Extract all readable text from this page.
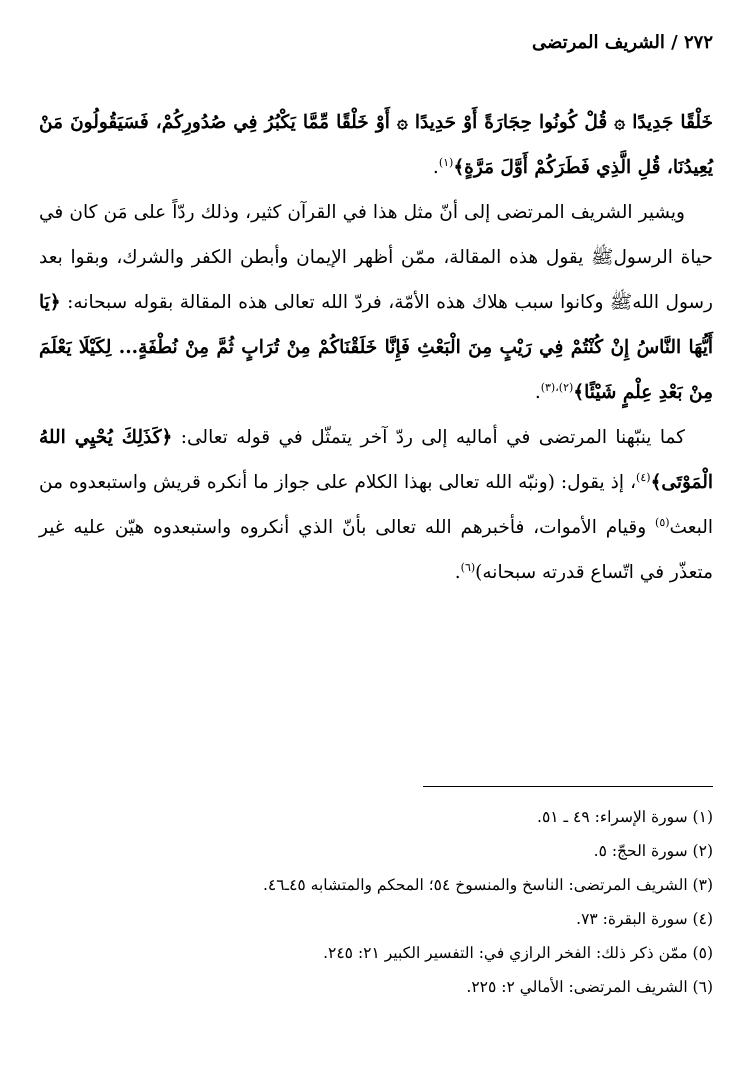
٢٧٢ / الشريف المرتضى

خَلْقًا جَدِيدًا ۞ قُلْ كُونُوا حِجَارَةً أَوْ حَدِيدًا ۞ أَوْ خَلْقًا مِّمَّا يَكْبُرُ فِي صُدُورِكُمْ، فَسَيَقُولُونَ مَنْ يُعِيدُنَا، قُلِ الَّذِي فَطَرَكُمْ أَوَّلَ مَرَّةٍ﴾$^{(١)}$.

ويشير الشريف المرتضى إلى أنّ مثل هذا في القرآن كثير، وذلك ردّاً على مَن كان في حياة الرسولﷺ يقول هذه المقالة، ممّن أظهر الإيمان وأبطن الكفر والشرك، وبقوا بعد رسول اللهﷺ وكانوا سبب هلاك هذه الأمّة، فردّ الله تعالى هذه المقالة بقوله سبحانه: ﴿يَا أَيُّهَا النَّاسُ إِنْ كُنْتُمْ فِي رَيْبٍ مِنَ الْبَعْثِ فَإِنَّا خَلَقْنَاكُمْ مِنْ تُرَابٍ ثُمَّ مِنْ نُطْفَةٍ... لِكَيْلَا يَعْلَمَ مِنْ بَعْدِ عِلْمٍ شَيْئًا﴾$^{(٢)،(٣)}$.

كما ينبّهنا المرتضى في أماليه إلى ردّ آخر يتمثّل في قوله تعالى: ﴿كَذَلِكَ يُحْيِي اللهُ الْمَوْتَى﴾$^{(٤)}$، إذ يقول: (ونبّه الله تعالى بهذا الكلام على جواز ما أنكره قريش واستبعدوه من البعث$^{(٥)}$ وقيام الأموات، فأخبرهم الله تعالى بأنّ الذي أنكروه واستبعدوه هيّن عليه غير متعذّر في اتّساع قدرته سبحانه)$^{(٦)}$.

(١) سورة الإسراء: ٤٩ ـ ٥١.
(٢) سورة الحجّ: ٥.
(٣) الشريف المرتضى: الناسخ والمنسوخ ٥٤؛ المحكم والمتشابه ٤٥ـ٤٦.
(٤) سورة البقرة: ٧٣.
(٥) ممّن ذكر ذلك: الفخر الرازي في: التفسير الكبير ٢١: ٢٤٥.
(٦) الشريف المرتضى: الأمالي ٢: ٢٢٥.
